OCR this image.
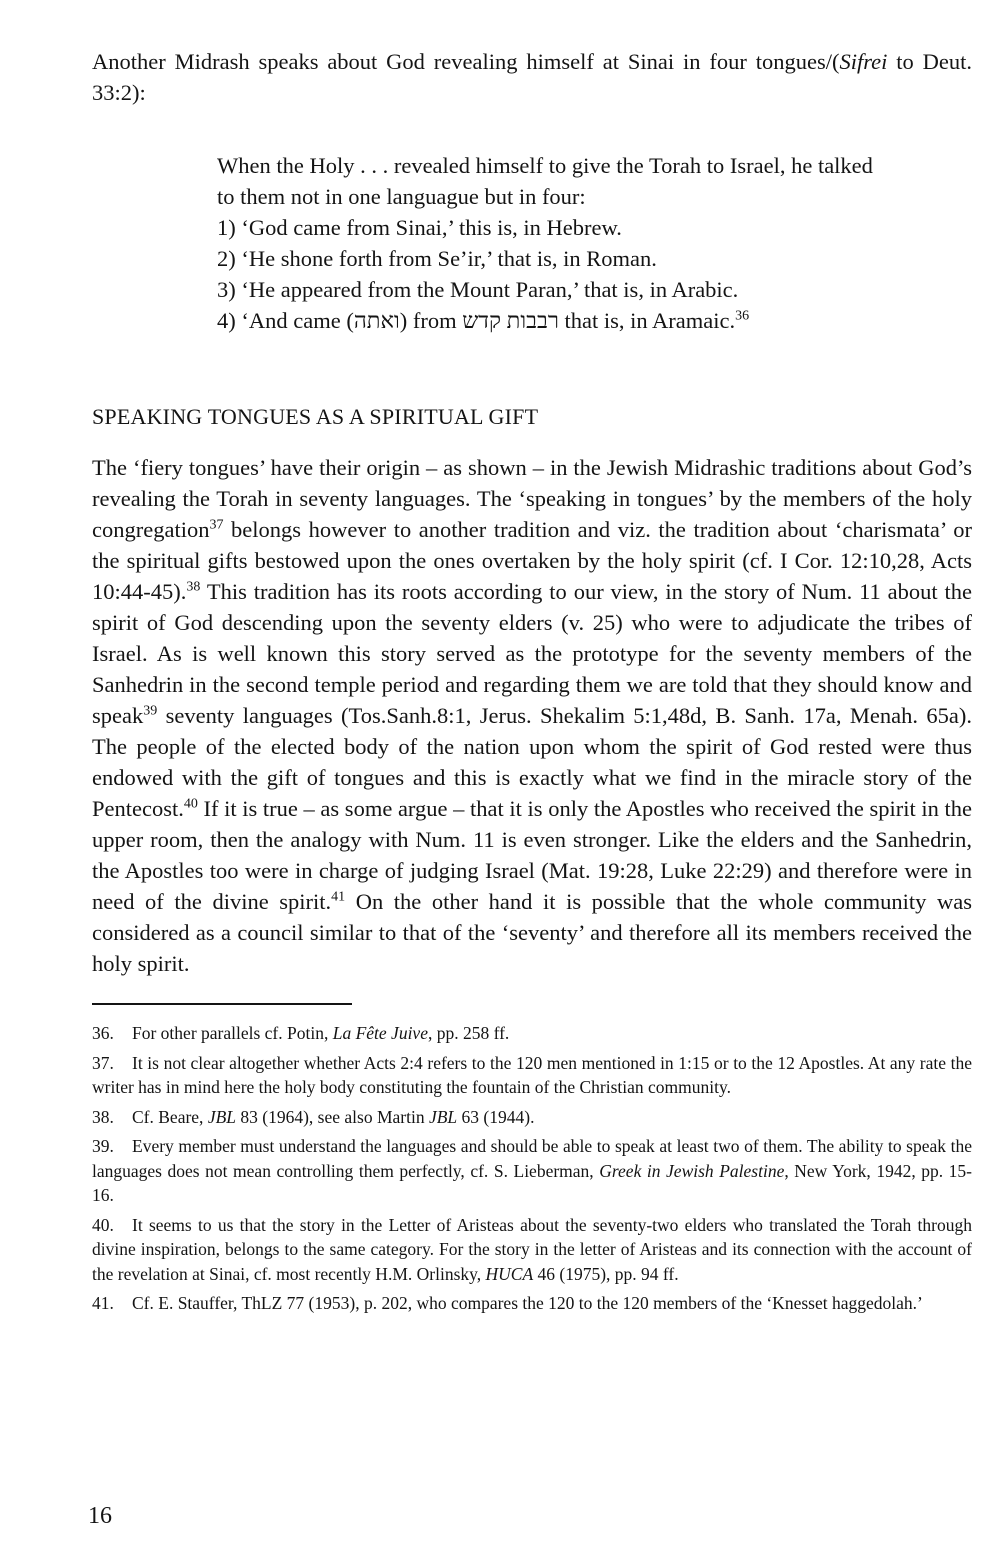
Another Midrash speaks about God revealing himself at Sinai in four tongues/(Sifrei to Deut. 33:2):

When the Holy . . . revealed himself to give the Torah to Israel, he talked
to them not in one languague but in four:
1) ‘God came from Sinai,’ this is, in Hebrew.
2) ‘He shone forth from Se’ir,’ that is, in Roman.
3) ‘He appeared from the Mount Paran,’ that is, in Arabic.
4) ‘And came (ואתה) from רבבות קדש that is, in Aramaic.$^{36}$

SPEAKING TONGUES AS A SPIRITUAL GIFT

The ‘fiery tongues’ have their origin – as shown – in the Jewish Midrashic traditions about God’s revealing the Torah in seventy languages. The ‘speaking in tongues’ by the members of the holy congregation$^{37}$ belongs however to another tradition and viz. the tradition about ‘charismata’ or the spiritual gifts bestowed upon the ones overtaken by the holy spirit (cf. I Cor. 12:10,28, Acts 10:44-45).$^{38}$ This tradition has its roots according to our view, in the story of Num. 11 about the spirit of God descending upon the seventy elders (v. 25) who were to adjudicate the tribes of Israel. As is well known this story served as the prototype for the seventy members of the Sanhedrin in the second temple period and regarding them we are told that they should know and speak$^{39}$ seventy languages (Tos.Sanh.8:1, Jerus. Shekalim 5:1,48d, B. Sanh. 17a, Menah. 65a). The people of the elected body of the nation upon whom the spirit of God rested were thus endowed with the gift of tongues and this is exactly what we find in the miracle story of the Pentecost.$^{40}$ If it is true – as some argue – that it is only the Apostles who received the spirit in the upper room, then the analogy with Num. 11 is even stronger. Like the elders and the Sanhedrin, the Apostles too were in charge of judging Israel (Mat. 19:28, Luke 22:29) and therefore were in need of the divine spirit.$^{41}$ On the other hand it is possible that the whole community was considered as a council similar to that of the ‘seventy’ and therefore all its members received the holy spirit.

36. For other parallels cf. Potin, La Fête Juive, pp. 258 ff.

37. It is not clear altogether whether Acts 2:4 refers to the 120 men mentioned in 1:15 or to the 12 Apostles. At any rate the writer has in mind here the holy body constituting the fountain of the Christian community.

38. Cf. Beare, JBL 83 (1964), see also Martin JBL 63 (1944).

39. Every member must understand the languages and should be able to speak at least two of them. The ability to speak the languages does not mean controlling them perfectly, cf. S. Lieberman, Greek in Jewish Palestine, New York, 1942, pp. 15-16.

40. It seems to us that the story in the Letter of Aristeas about the seventy-two elders who translated the Torah through divine inspiration, belongs to the same category. For the story in the letter of Aristeas and its connection with the account of the revelation at Sinai, cf. most recently H.M. Orlinsky, HUCA 46 (1975), pp. 94 ff.

41. Cf. E. Stauffer, ThLZ 77 (1953), p. 202, who compares the 120 to the 120 members of the ‘Knesset haggedolah.’

16
